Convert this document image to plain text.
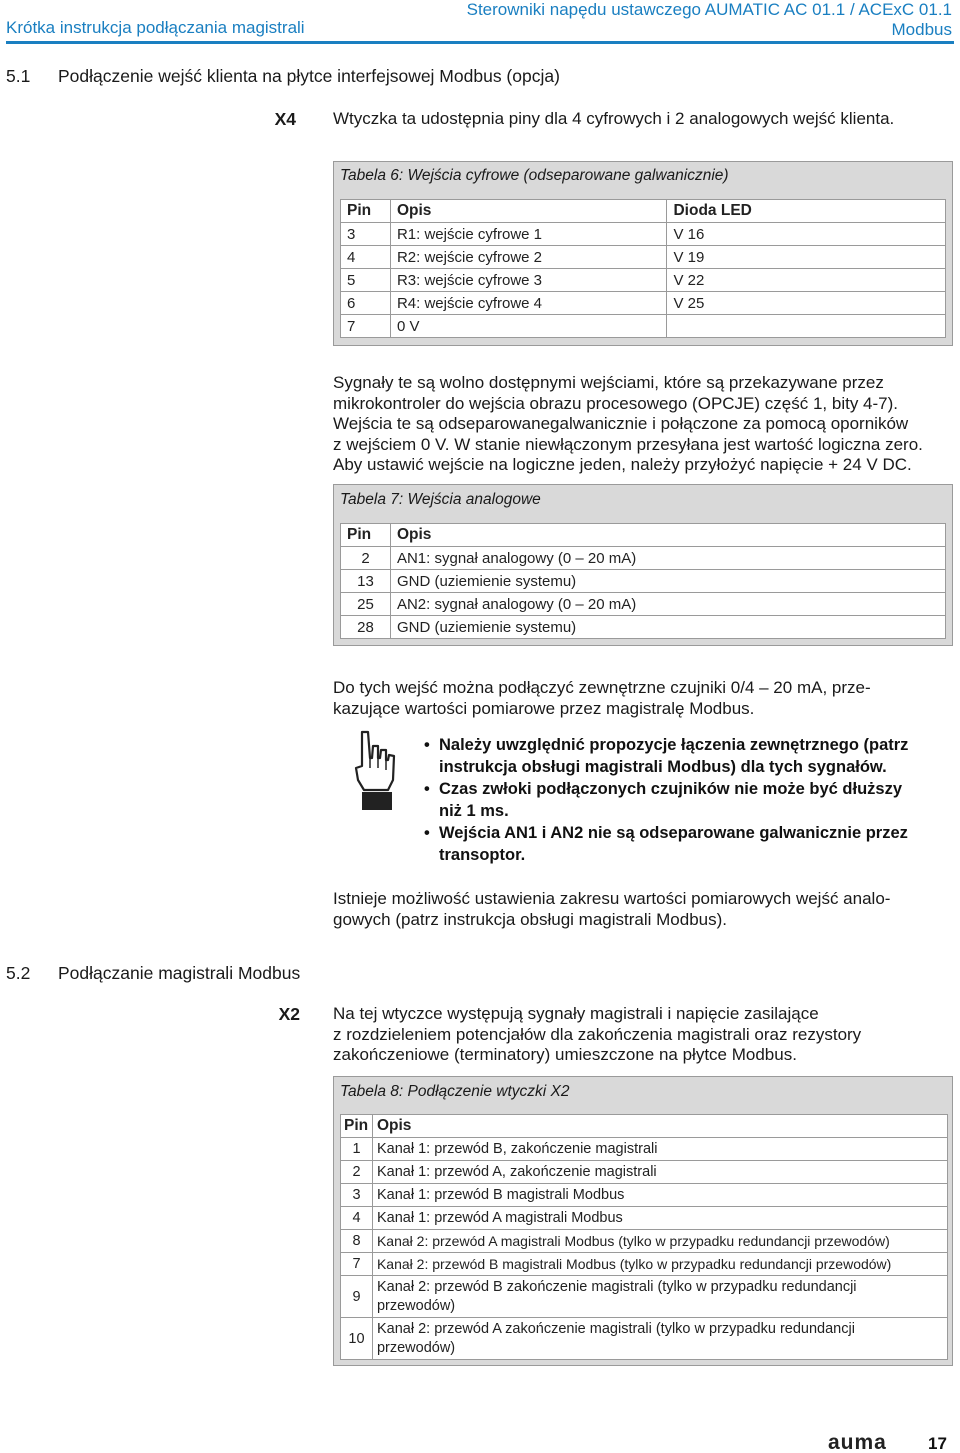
Krótka instrukcja podłączania magistrali
Sterowniki napędu ustawczego AUMATIC AC 01.1 / ACExC 01.1
Modbus
5.1 Podłączenie wejść klienta na płytce interfejsowej Modbus (opcja)
X4 Wtyczka ta udostępnia piny dla 4 cyfrowych i 2 analogowych wejść klienta.
Tabela 6: Wejścia cyfrowe (odseparowane galwanicznie)
Pin	Opis	Dioda LED
3	R1: wejście cyfrowe 1	V 16
4	R2: wejście cyfrowe 2	V 19
5	R3: wejście cyfrowe 3	V 22
6	R4: wejście cyfrowe 4	V 25
7	0 V	
Sygnały te są wolno dostępnymi wejściami, które są przekazywane przez
mikrokontroler do wejścia obrazu procesowego (OPCJE) część 1, bity 4-7).
Wejścia te są odseparowanegalwanicznie i połączone za pomocą oporników
z wejściem 0 V. W stanie niewłączonym przesyłana jest wartość logiczna zero.
Aby ustawić wejście na logiczne jeden, należy przyłożyć napięcie + 24 V DC.
Tabela 7: Wejścia analogowe
Pin	Opis
2	AN1: sygnał analogowy (0 – 20 mA)
13	GND (uziemienie systemu)
25	AN2: sygnał analogowy (0 – 20 mA)
28	GND (uziemienie systemu)
Do tych wejść można podłączyć zewnętrzne czujniki 0/4 – 20 mA, prze-
kazujące wartości pomiarowe przez magistralę Modbus.
• Należy uwzględnić propozycje łączenia zewnętrznego (patrz
instrukcja obsługi magistrali Modbus) dla tych sygnałów.
• Czas zwłoki podłączonych czujników nie może być dłuższy
niż 1 ms.
• Wejścia AN1 i AN2 nie są odseparowane galwanicznie przez
transoptor.
Istnieje możliwość ustawienia zakresu wartości pomiarowych wejść analo-
gowych (patrz instrukcja obsługi magistrali Modbus).
5.2 Podłączanie magistrali Modbus
X2 Na tej wtyczce występują sygnały magistrali i napięcie zasilające
z rozdzieleniem potencjałów dla zakończenia magistrali oraz rezystory
zakończeniowe (terminatory) umieszczone na płytce Modbus.
Tabela 8: Podłączenie wtyczki X2
Pin	Opis
1	Kanał 1: przewód B, zakończenie magistrali
2	Kanał 1: przewód A, zakończenie magistrali
3	Kanał 1: przewód B magistrali Modbus
4	Kanał 1: przewód A magistrali Modbus
8	Kanał 2: przewód A magistrali Modbus (tylko w przypadku redundancji przewodów)
7	Kanał 2: przewód B magistrali Modbus (tylko w przypadku redundancji przewodów)
9	Kanał 2: przewód B zakończenie magistrali (tylko w przypadku redundancji
przewodów)

10	Kanał 2: przewód A zakończenie magistrali (tylko w przypadku redundancji
przewodów)
auma 17
